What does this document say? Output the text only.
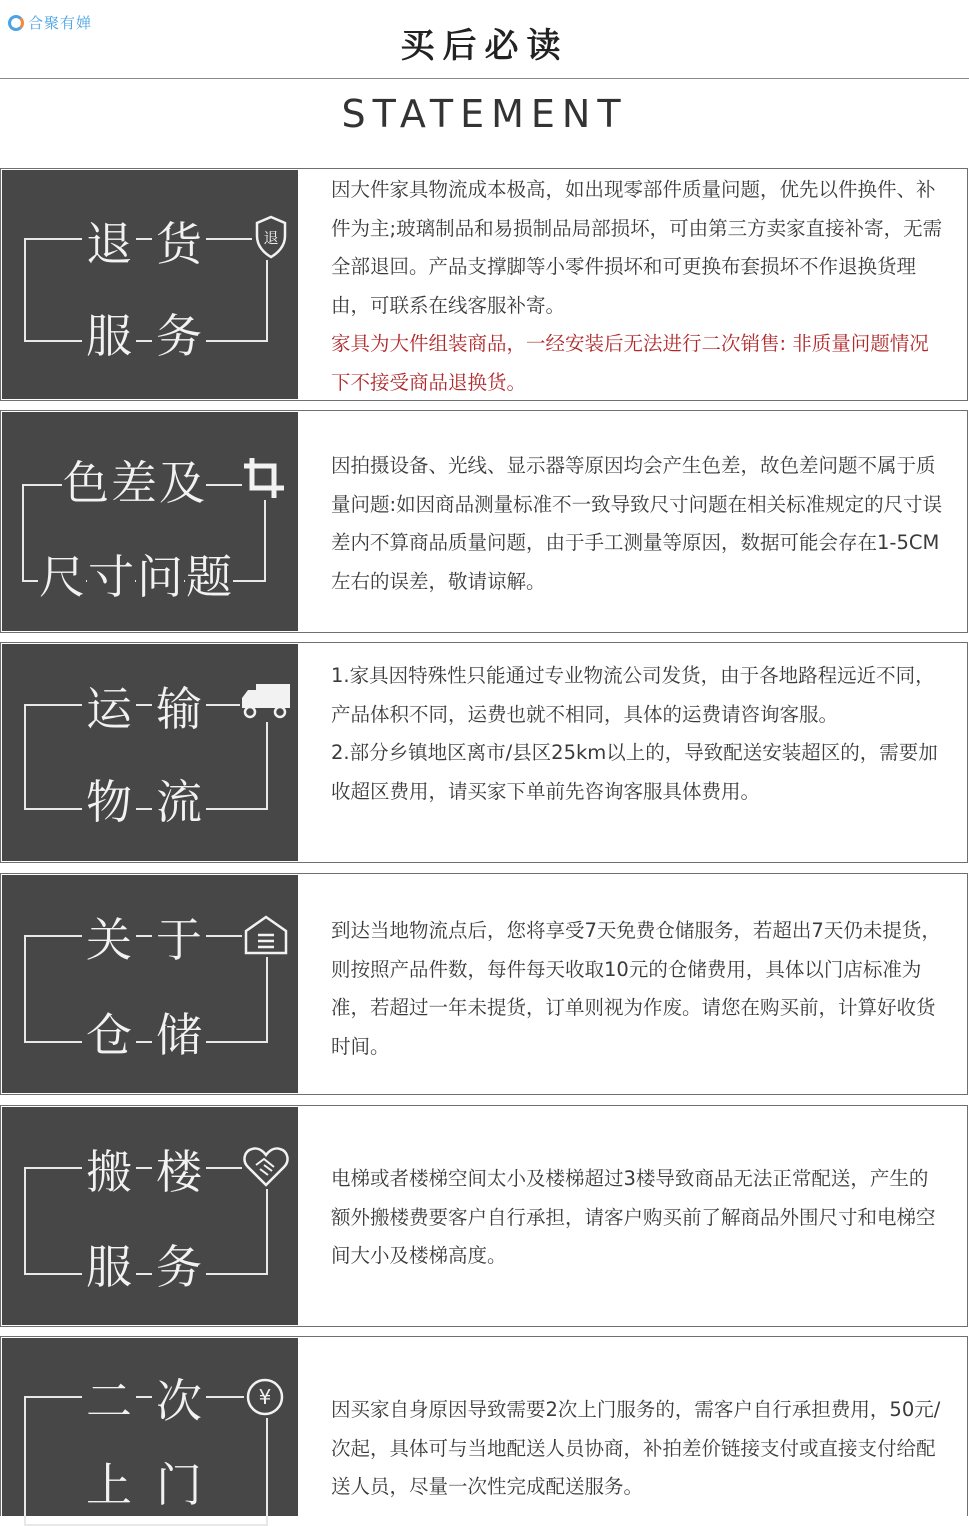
合聚有婵
买后必读
STATEMENT
退 货
服 务
退

因大件家具物流成本极高，如出现零部件质量问题，优先以件换件、补件为主;玻璃制品和易损制品局部损坏，可由第三方卖家直接补寄，无需全部退回。产品支撑脚等小零件损坏和可更换布套损坏不作退换货理由，可联系在线客服补寄。

家具为大件组装商品，一经安装后无法进行二次销售: 非质量问题情况下不接受商品退换货。

色 差 及
尺 寸 问 题

因拍摄设备、光线、显示器等原因均会产生色差，故色差问题不属于质量问题:如因商品测量标准不一致导致尺寸问题在相关标准规定的尺寸误差内不算商品质量问题，由于手工测量等原因，数据可能会存在1-5CM左右的误差，敬请谅解。

运 输
物 流

1.家具因特殊性只能通过专业物流公司发货，由于各地路程远近不同，产品体积不同，运费也就不相同，具体的运费请咨询客服。

2.部分乡镇地区离市/县区25km以上的，导致配送安装超区的，需要加收超区费用，请买家下单前先咨询客服具体费用。

关 于
仓 储

到达当地物流点后，您将享受7天免费仓储服务，若超出7天仍未提货，则按照产品件数，每件每天收取10元的仓储费用，具体以门店标准为准，若超过一年未提货，订单则视为作废。请您在购买前，计算好收货时间。

搬 楼
服 务

电梯或者楼梯空间太小及楼梯超过3楼导致商品无法正常配送，产生的额外搬楼费要客户自行承担，请客户购买前了解商品外围尺寸和电梯空间大小及楼梯高度。

二 次
上 门
¥

因买家自身原因导致需要2次上门服务的，需客户自行承担费用，50元/次起，具体可与当地配送人员协商，补拍差价链接支付或直接支付给配送人员，尽量一次性完成配送服务。
